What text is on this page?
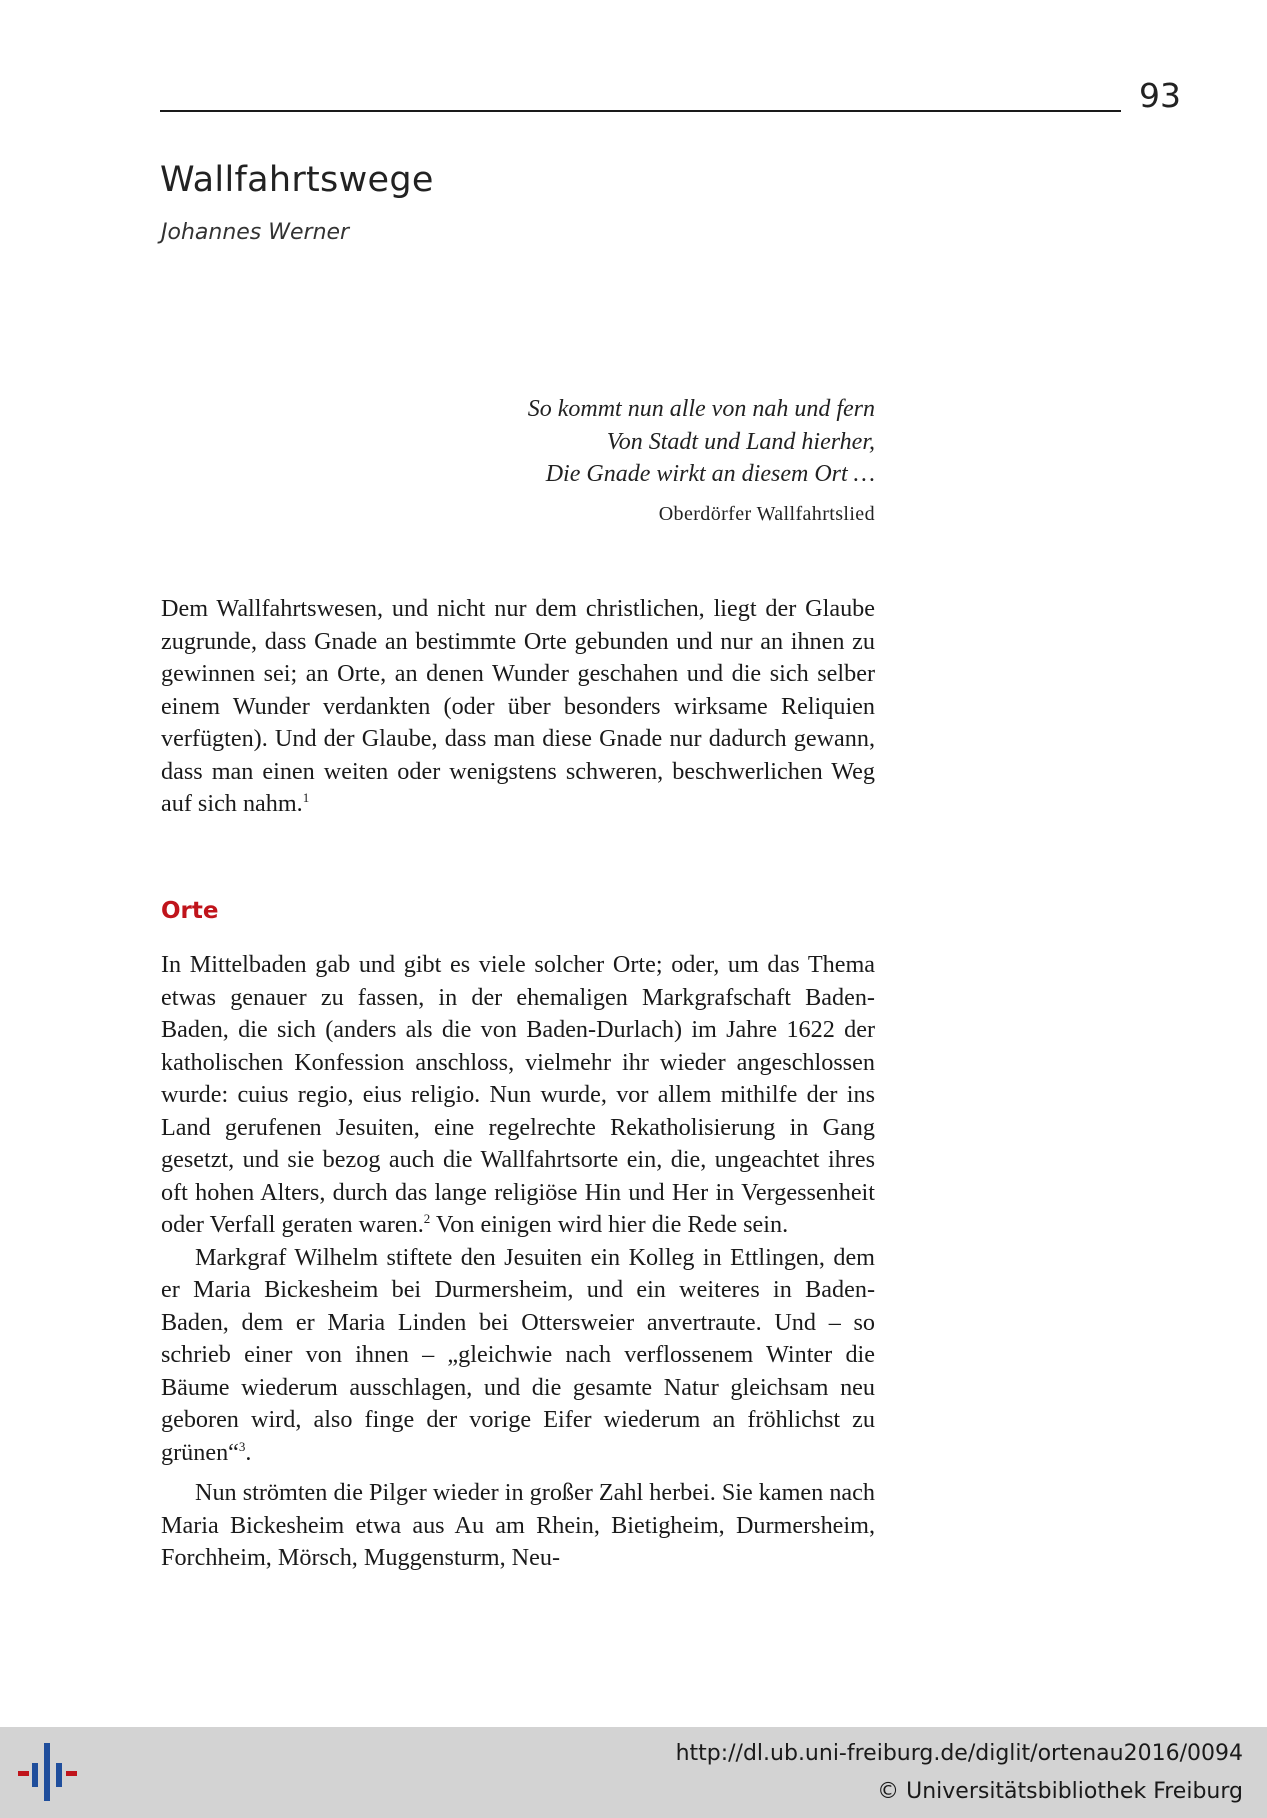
93
Wallfahrtswege
Johannes Werner
So kommt nun alle von nah und fern
Von Stadt und Land hierher,
Die Gnade wirkt an diesem Ort …
Oberdörfer Wallfahrtslied

Dem Wallfahrtswesen, und nicht nur dem christlichen, liegt der Glaube zugrunde, dass Gnade an bestimmte Orte gebunden und nur an ihnen zu gewinnen sei; an Orte, an denen Wunder geschahen und die sich selber einem Wunder verdankten (oder über besonders wirksame Reliquien verfügten). Und der Glaube, dass man diese Gnade nur dadurch gewann, dass man einen weiten oder wenigstens schweren, beschwerlichen Weg auf sich nahm.$^1$

Orte

In Mittelbaden gab und gibt es viele solcher Orte; oder, um das Thema etwas genauer zu fassen, in der ehemaligen Markgrafschaft Baden-Baden, die sich (anders als die von Baden-Durlach) im Jahre 1622 der katholischen Konfession anschloss, vielmehr ihr wieder angeschlossen wurde: cuius regio, eius religio. Nun wurde, vor allem mithilfe der ins Land gerufenen Jesuiten, eine regelrechte Rekatholisierung in Gang gesetzt, und sie bezog auch die Wallfahrtsorte ein, die, ungeachtet ihres oft hohen Alters, durch das lange religiöse Hin und Her in Vergessenheit oder Verfall geraten waren.$^2$ Von einigen wird hier die Rede sein.

Markgraf Wilhelm stiftete den Jesuiten ein Kolleg in Ettlingen, dem er Maria Bickesheim bei Durmersheim, und ein weiteres in Baden-Baden, dem er Maria Linden bei Ottersweier anvertraute. Und – so schrieb einer von ihnen – „gleichwie nach verflossenem Winter die Bäume wiederum ausschlagen, und die gesamte Natur gleichsam neu geboren wird, also finge der vorige Eifer wiederum an fröhlichst zu grünen“$^3$.

Nun strömten die Pilger wieder in großer Zahl herbei. Sie kamen nach Maria Bickesheim etwa aus Au am Rhein, Bietigheim, Durmersheim, Forchheim, Mörsch, Muggensturm, Neu-

http://dl.ub.uni-freiburg.de/diglit/ortenau2016/0094
© Universitätsbibliothek Freiburg
